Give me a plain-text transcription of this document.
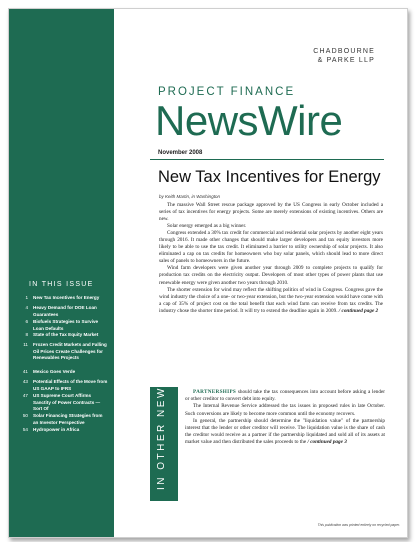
IN THIS ISSUE
1 New Tax Incentives for Energy
4 Heavy Demand for DOE Loan Guarantees
6 Biofuels Strategies to Survive Loan Defaults
8 State of the Tax Equity Market
11 Frozen Credit Markets and Falling Oil Prices Create Challenges for Renewables Projects
41 Mexico Goes Verde
43 Potential Effects of the Move from US GAAP to IFRS
47 US Supreme Court Affirms Sanctity of Power Contracts — Sort Of
50 Solar Financing Strategies from an Investor Perspective
54 Hydropower in Africa
CHADBOURNE
& PARKE LLP
PROJECT FINANCE
NewsWire
November 2008
New Tax Incentives for Energy
by Keith Martin, in Washington

The massive Wall Street rescue package approved by the US Congress in early October included a series of tax incentives for energy projects. Some are merely extensions of existing incentives. Others are new.

Solar energy emerged as a big winner.

Congress extended a 30% tax credit for commercial and residential solar projects by another eight years through 2016. It made other changes that should make larger developers and tax equity investors more likely to be able to use the tax credit. It eliminated a barrier to utility ownership of solar projects. It also eliminated a cap on tax credits for homeowners who buy solar panels, which should lead to more direct sales of panels to homeowners in the future.

Wind farm developers were given another year through 2009 to complete projects to qualify for production tax credits on the electricity output. Developers of most other types of power plants that use renewable energy were given another two years through 2010.

The shorter extension for wind may reflect the shifting politics of wind in Congress. Congress gave the wind industry the choice of a one- or two-year extension, but the two-year extension would have come with a cap of 35% of project cost on the total benefit that each wind farm can receive from tax credits. The industry chose the shorter time period. It will try to extend the deadline again in 2009. / continued page 2

IN OTHER NEWS	PARTNERSHIPS should take the tax consequences into account before asking a lender or other creditor to convert debt into equity.

The Internal Revenue Service addressed the tax issues in proposed rules in late October. Such conversions are likely to become more common until the economy recovers.

In general, the partnership should determine the "liquidation value" of the partnership interest that the lender or other creditor will receive. The liquidation value is the share of cash the creditor would receive as a partner if the partnership liquidated and sold all of its assets at market value and then distributed the sales proceeds to the / continued page 3

This publication was printed entirely on recycled paper.
